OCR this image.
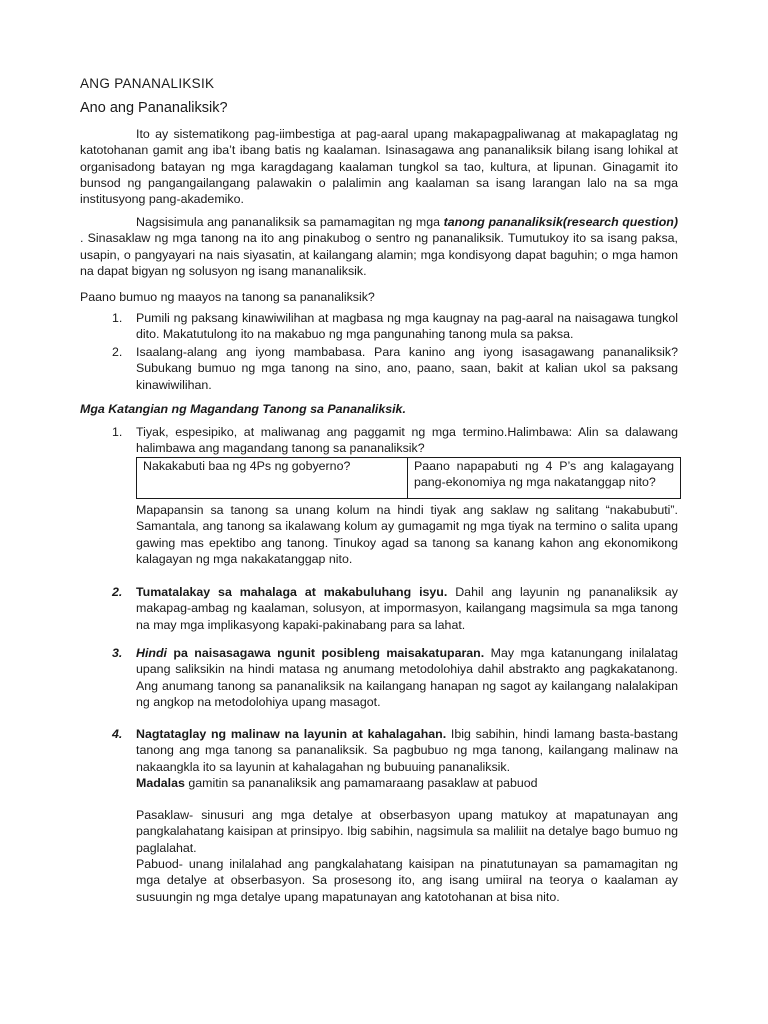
ANG PANANALIKSIK
Ano ang Pananaliksik?

Ito ay sistematikong pag-iimbestiga at pag-aaral upang makapagpaliwanag at makapaglatag ng katotohanan gamit ang iba’t ibang batis ng kaalaman. Isinasagawa ang pananaliksik bilang isang lohikal at organisadong batayan ng mga karagdagang kaalaman tungkol sa tao, kultura, at lipunan. Ginagamit ito bunsod ng pangangailangang palawakin o palalimin ang kaalaman sa isang larangan lalo na sa mga institusyong pang-akademiko.

Nagsisimula ang pananaliksik sa pamamagitan ng mga tanong pananaliksik(research question) . Sinasaklaw ng mga tanong na ito ang pinakubog o sentro ng pananaliksik. Tumutukoy ito sa isang paksa, usapin, o pangyayari na nais siyasatin, at kailangang alamin; mga kondisyong dapat baguhin; o mga hamon na dapat bigyan ng solusyon ng isang mananaliksik.

Paano bumuo ng maayos na tanong sa pananaliksik?
1. Pumili ng paksang kinawiwilihan at magbasa ng mga kaugnay na pag-aaral na naisagawa tungkol dito. Makatutulong ito na makabuo ng mga pangunahing tanong mula sa paksa.
2. Isaalang-alang ang iyong mambabasa. Para kanino ang iyong isasagawang pananaliksik?Subukang bumuo ng mga tanong na sino, ano, paano, saan, bakit at kalian ukol sa paksang kinawiwilihan.
Mga Katangian ng Magandang Tanong sa Pananaliksik.
1. Tiyak, espesipiko, at maliwanag ang paggamit ng mga termino.Halimbawa: Alin sa dalawang halimbawa ang magandang tanong sa pananaliksik?
Nakakabuti baa ng 4Ps ng gobyerno?	Paano napapabuti ng 4 P’s ang kalagayang pang-ekonomiya ng mga nakatanggap nito?
Mapapansin sa tanong sa unang kolum na hindi tiyak ang saklaw ng salitang “nakabubuti”. Samantala, ang tanong sa ikalawang kolum ay gumagamit ng mga tiyak na termino o salita upang gawing mas epektibo ang tanong. Tinukoy agad sa tanong sa kanang kahon ang ekonomikong kalagayan ng mga nakakatanggap nito.
2. Tumatalakay sa mahalaga at makabuluhang isyu. Dahil ang layunin ng pananaliksik ay makapag-ambag ng kaalaman, solusyon, at impormasyon, kailangang magsimula sa mga tanong na may mga implikasyong kapaki-pakinabang para sa lahat.
3. Hindi pa naisasagawa ngunit posibleng maisakatuparan. May mga katanungang inilalatag upang saliksikin na hindi matasa ng anumang metodolohiya dahil abstrakto ang pagkakatanong. Ang anumang tanong sa pananaliksik na kailangang hanapan ng sagot ay kailangang nalalakipan ng angkop na metodolohiya upang masagot.
4. Nagtataglay ng malinaw na layunin at kahalagahan. Ibig sabihin, hindi lamang basta-bastang tanong ang mga tanong sa pananaliksik. Sa pagbubuo ng mga tanong, kailangang malinaw na nakaangkla ito sa layunin at kahalagahan ng bubuuing pananaliksik.
Madalas gamitin sa pananaliksik ang pamamaraang pasaklaw at pabuod
Pasaklaw- sinusuri ang mga detalye at obserbasyon upang matukoy at mapatunayan ang pangkalahatang kaisipan at prinsipyo. Ibig sabihin, nagsimula sa maliliit na detalye bago bumuo ng paglalahat.
Pabuod- unang inilalahad ang pangkalahatang kaisipan na pinatutunayan sa pamamagitan ng mga detalye at obserbasyon. Sa prosesong ito, ang isang umiiral na teorya o kaalaman ay susuungin ng mga detalye upang mapatunayan ang katotohanan at bisa nito.
